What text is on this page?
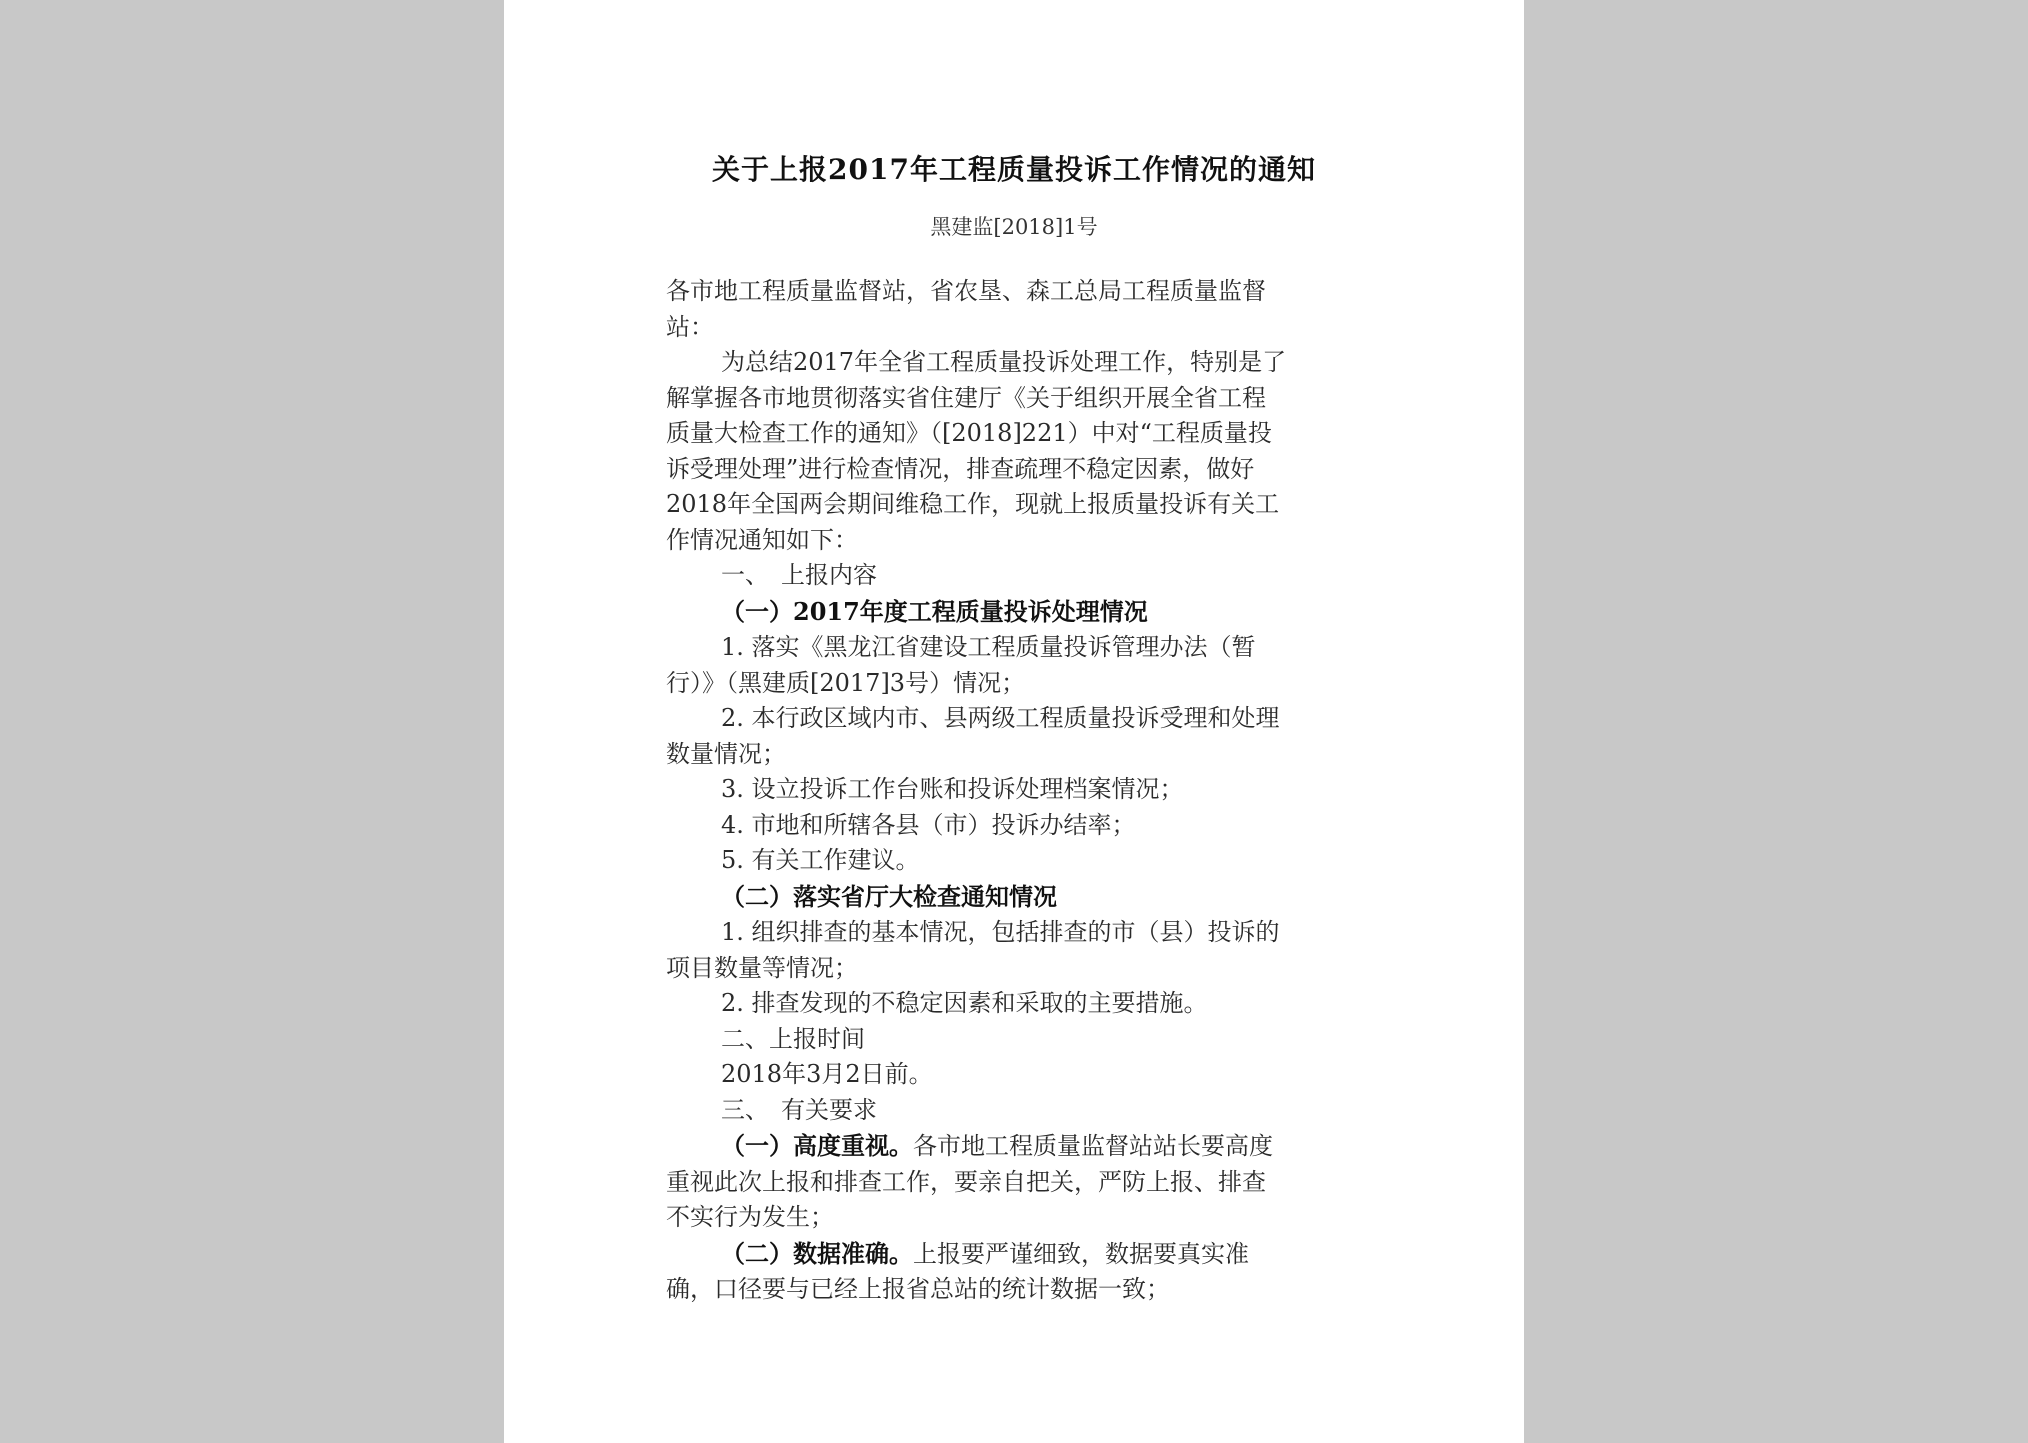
关于上报2017年工程质量投诉工作情况的通知
黑建监[2018]1号

各市地工程质量监督站，省农垦、森工总局工程质量监督

站：

为总结2017年全省工程质量投诉处理工作，特别是了

解掌握各市地贯彻落实省住建厅《关于组织开展全省工程

质量大检查工作的通知》（[2018]221）中对“工程质量投

诉受理处理”进行检查情况，排查疏理不稳定因素，做好

2018年全国两会期间维稳工作，现就上报质量投诉有关工

作情况通知如下：

一、　上报内容

（一）2017年度工程质量投诉处理情况

1. 落实《黑龙江省建设工程质量投诉管理办法（暂

行）》（黑建质[2017]3号）情况；

2. 本行政区域内市、县两级工程质量投诉受理和处理

数量情况；

3. 设立投诉工作台账和投诉处理档案情况；

4. 市地和所辖各县（市）投诉办结率；

5. 有关工作建议。

（二）落实省厅大检查通知情况

1. 组织排查的基本情况，包括排查的市（县）投诉的

项目数量等情况；

2. 排查发现的不稳定因素和采取的主要措施。

二、上报时间

2018年3月2日前。

三、　有关要求

（一）高度重视。各市地工程质量监督站站长要高度

重视此次上报和排查工作，要亲自把关，严防上报、排查

不实行为发生；

（二）数据准确。上报要严谨细致，数据要真实准

确，口径要与已经上报省总站的统计数据一致；
